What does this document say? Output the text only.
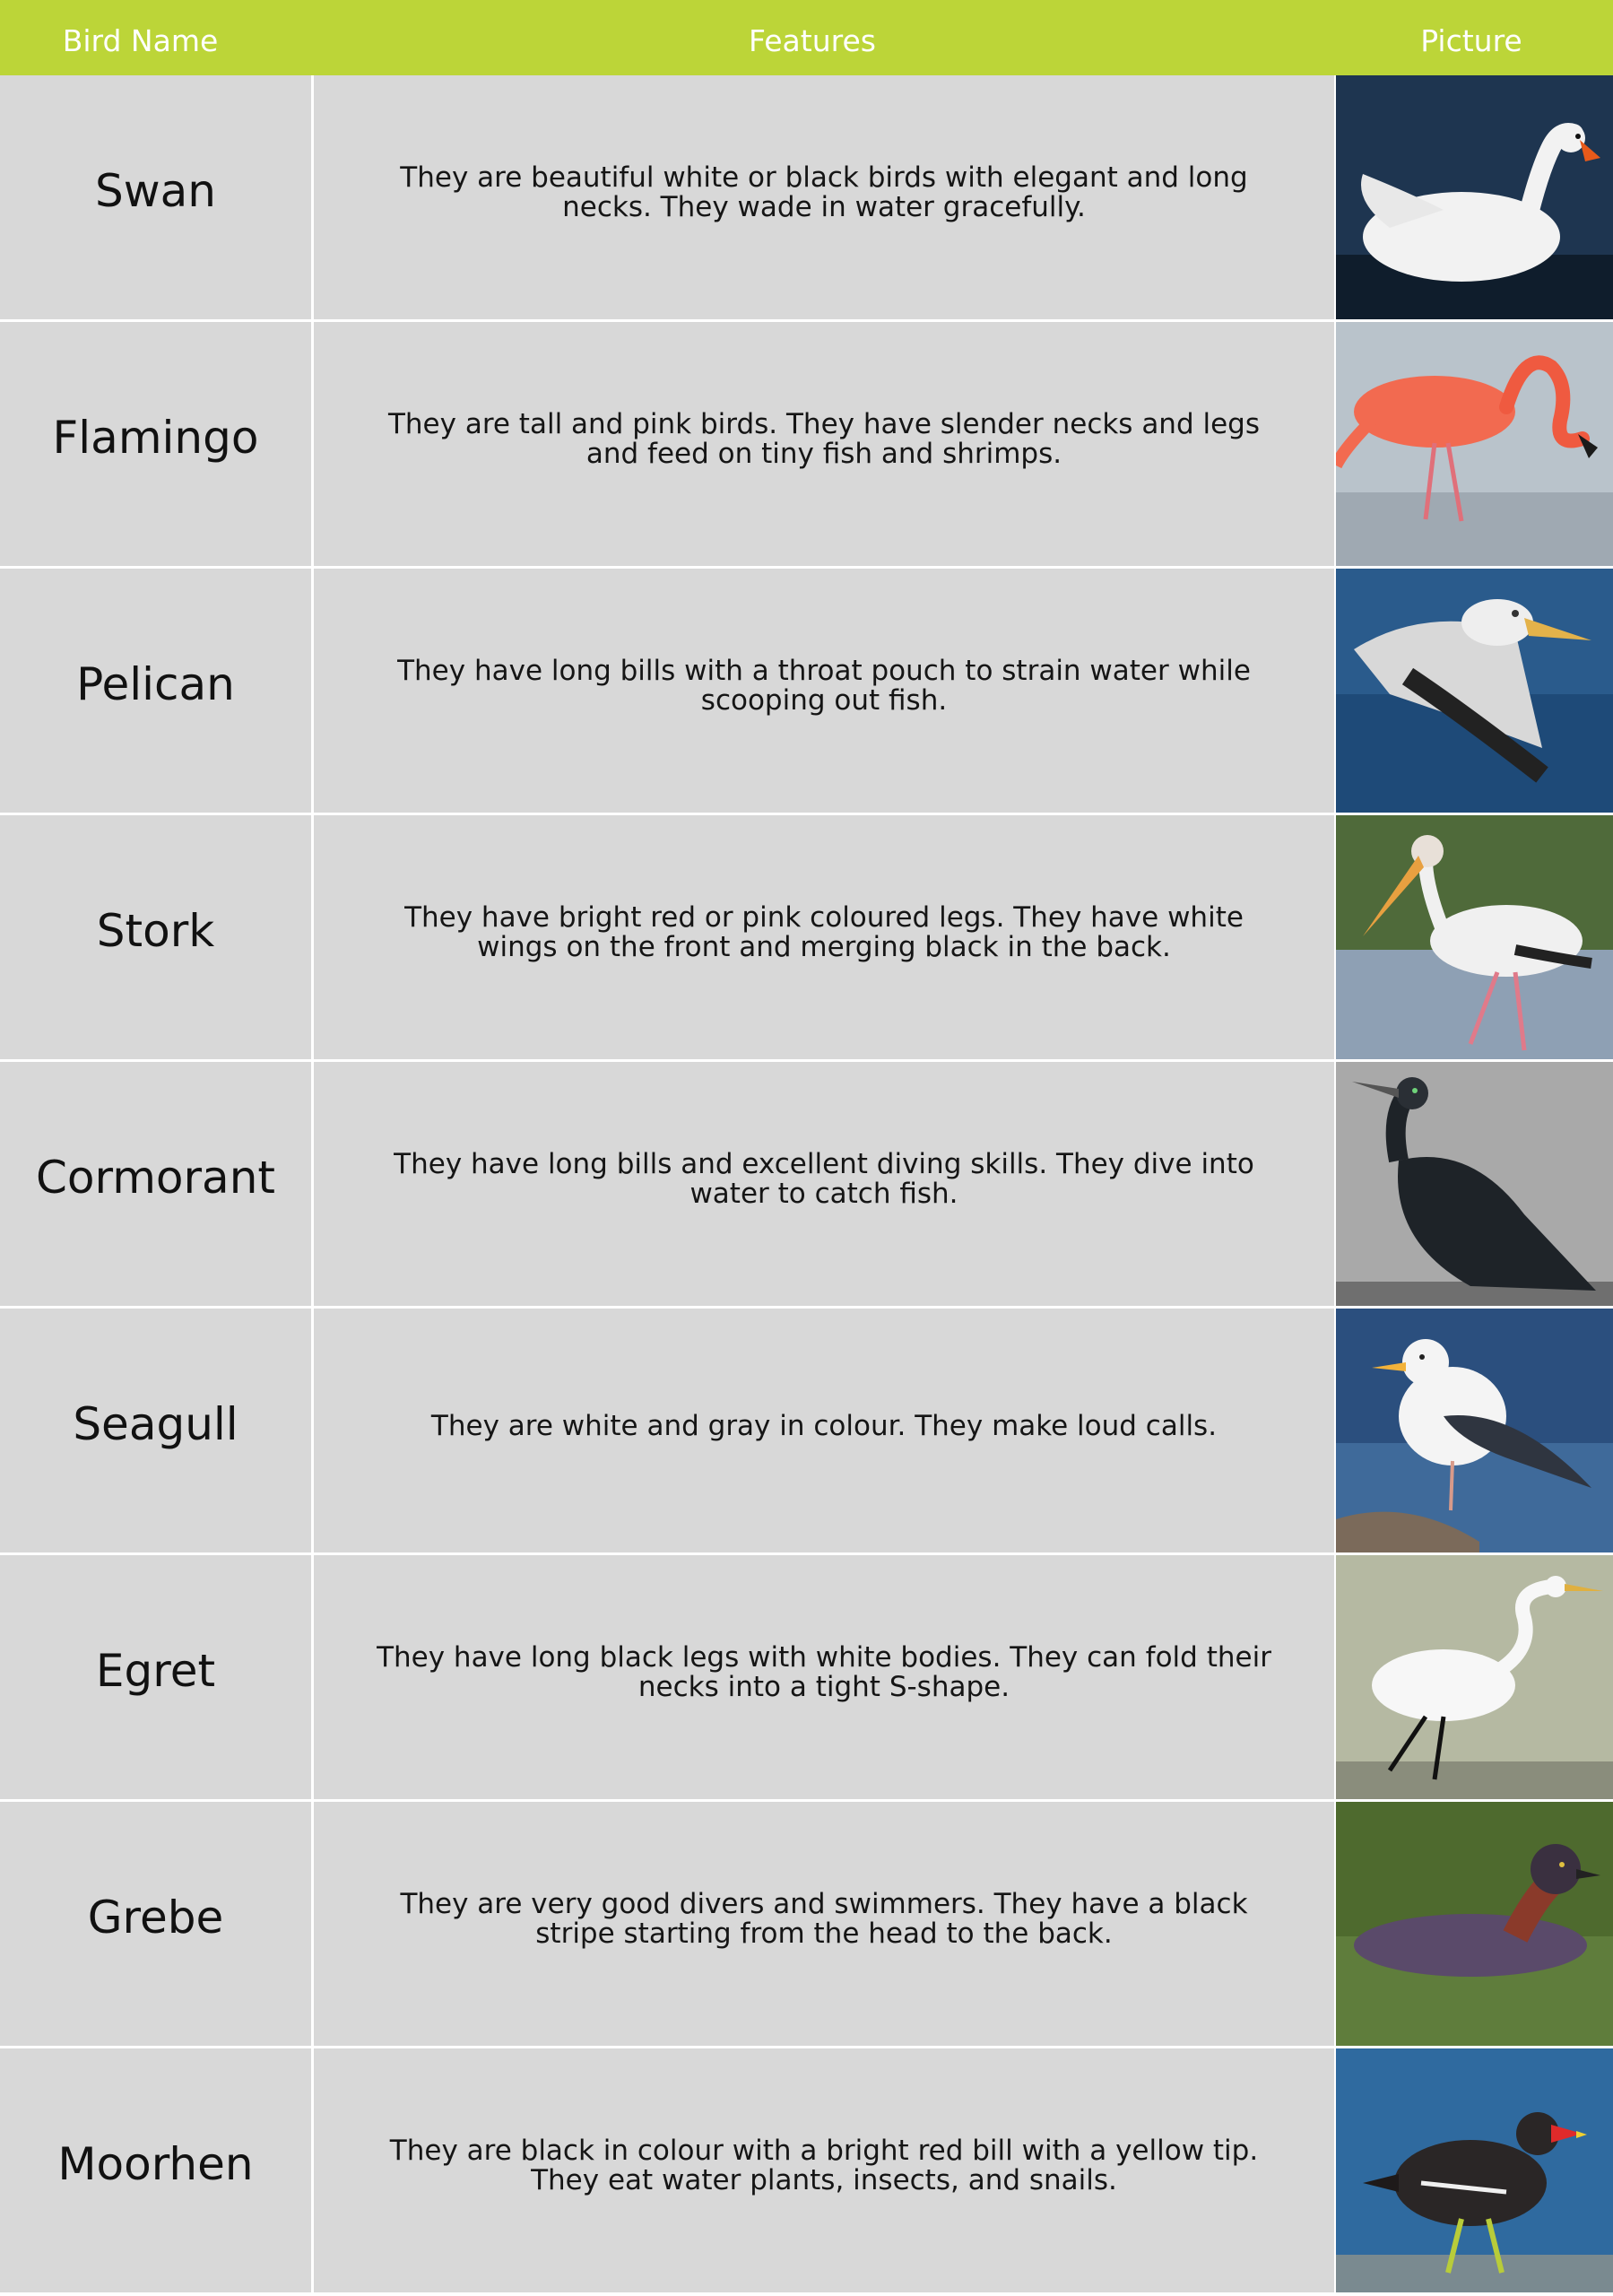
Bird Name	Features	Picture
Swan	They are beautiful white or black birds with elegant and long necks. They wade in water gracefully.
Flamingo	They are tall and pink birds. They have slender necks and legs and feed on tiny fish and shrimps.
Pelican	They have long bills with a throat pouch to strain water while scooping out fish.
Stork	They have bright red or pink coloured legs. They have white wings on the front and merging black in the back.
Cormorant	They have long bills and excellent diving skills. They dive into water to catch fish.
Seagull	They are white and gray in colour. They make loud calls.
Egret	They have long black legs with white bodies. They can fold their necks into a tight S-shape.
Grebe	They are very good divers and swimmers. They have a black stripe starting from the head to the back.
Moorhen	They are black in colour with a bright red bill with a yellow tip. They eat water plants, insects, and snails.
